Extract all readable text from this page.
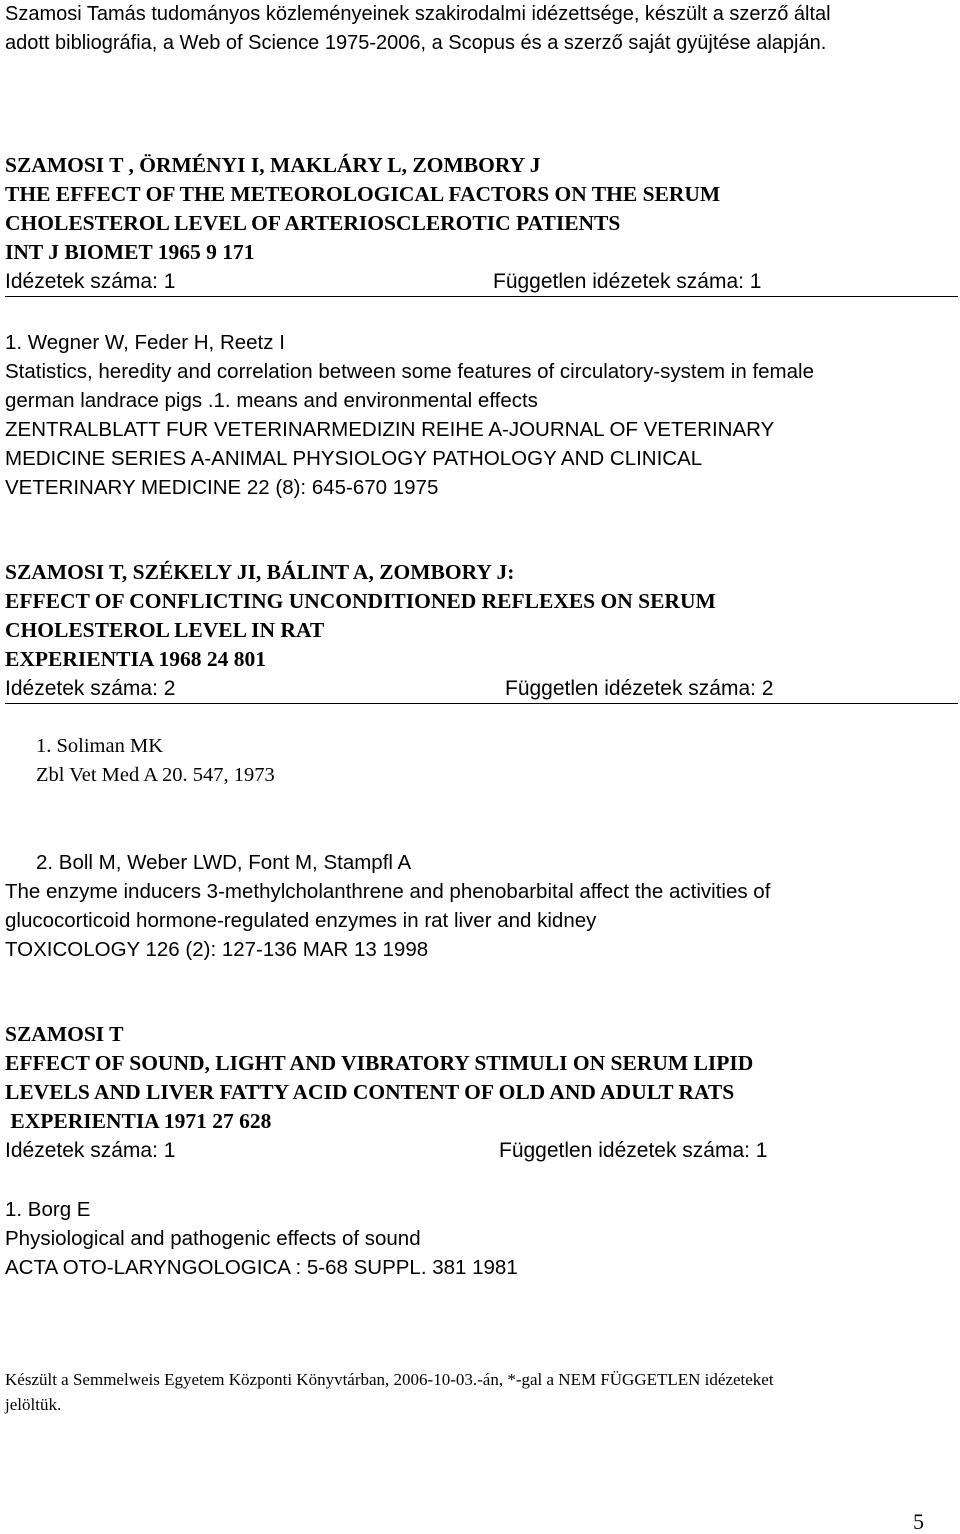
Szamosi Tamás tudományos közleményeinek szakirodalmi idézettsége, készült a szerző által
adott bibliográfia, a Web of Science 1975-2006, a Scopus és a szerző saját gyüjtése alapján.
SZAMOSI T , ÖRMÉNYI I, MAKLÁRY L, ZOMBORY J
THE EFFECT OF THE METEOROLOGICAL FACTORS ON THE SERUM
CHOLESTEROL LEVEL OF ARTERIOSCLEROTIC PATIENTS
INT J BIOMET 1965 9 171
Idézetek száma: 1	Független idézetek száma: 1
1. Wegner W, Feder H, Reetz I
Statistics, heredity and correlation between some features of circulatory-system in female
german landrace pigs .1. means and environmental effects
ZENTRALBLATT FUR VETERINARMEDIZIN REIHE A-JOURNAL OF VETERINARY
MEDICINE SERIES A-ANIMAL PHYSIOLOGY PATHOLOGY AND CLINICAL
VETERINARY MEDICINE 22 (8): 645-670 1975
SZAMOSI T, SZÉKELY JI, BÁLINT A, ZOMBORY J:
EFFECT OF CONFLICTING UNCONDITIONED REFLEXES ON SERUM
CHOLESTEROL LEVEL IN RAT
EXPERIENTIA 1968 24 801
Idézetek száma: 2	Független idézetek száma: 2
1. Soliman MK
Zbl Vet Med A 20. 547, 1973
2. Boll M, Weber LWD, Font M, Stampfl A
The enzyme inducers 3-methylcholanthrene and phenobarbital affect the activities of
glucocorticoid hormone-regulated enzymes in rat liver and kidney
TOXICOLOGY 126 (2): 127-136 MAR 13 1998
SZAMOSI T
EFFECT OF SOUND, LIGHT AND VIBRATORY STIMULI ON SERUM LIPID
LEVELS AND LIVER FATTY ACID CONTENT OF OLD AND ADULT RATS
EXPERIENTIA 1971 27 628
Idézetek száma: 1	Független idézetek száma: 1
1. Borg E
Physiological and pathogenic effects of sound
ACTA OTO-LARYNGOLOGICA : 5-68 SUPPL. 381 1981
Készült a Semmelweis Egyetem Központi Könyvtárban, 2006-10-03.-án, *-gal a NEM FÜGGETLEN idézeteket
jelöltük.
5
